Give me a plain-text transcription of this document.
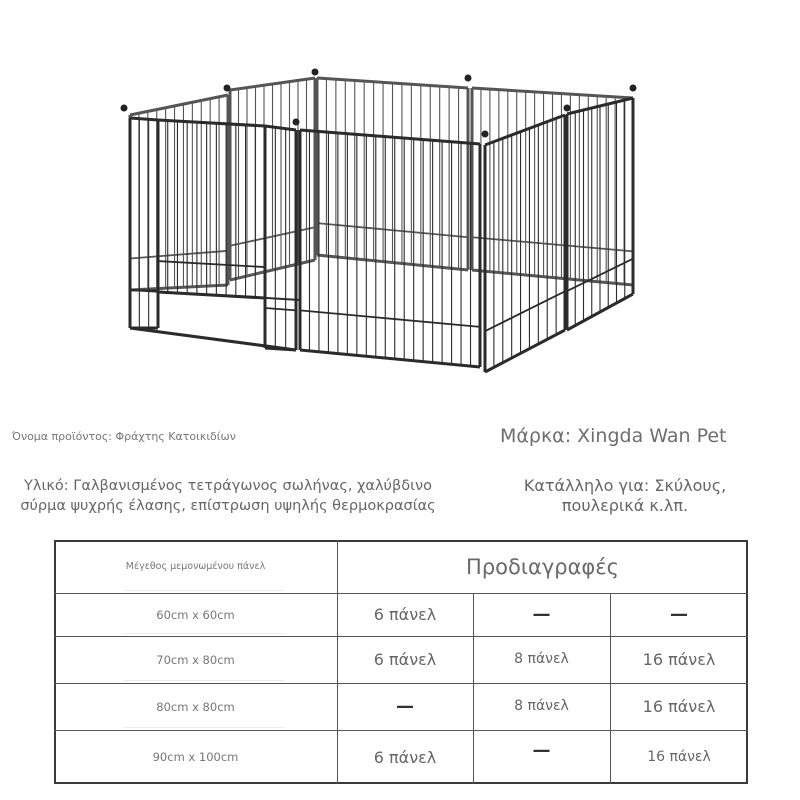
Όνομα προϊόντος: Φράχτης Κατοικιδίων	Μάρκα: Xingda Wan Pet
Υλικό: Γαλβανισμένος τετράγωνος σωλήνας, χαλύβδινο σύρμα ψυχρής έλασης, επίστρωση υψηλής θερμοκρασίας
Κατάλληλο για: Σκύλους, πουλερικά κ.λπ.
Μέγεθος μεμονωμένου πάνελ	Προδιαγραφές
60cm x 60cm	6 πάνελ	—	—
70cm x 80cm	6 πάνελ	8 πάνελ	16 πάνελ
80cm x 80cm	—	8 πάνελ	16 πάνελ
90cm x 100cm	6 πάνελ	—	16 πάνελ
